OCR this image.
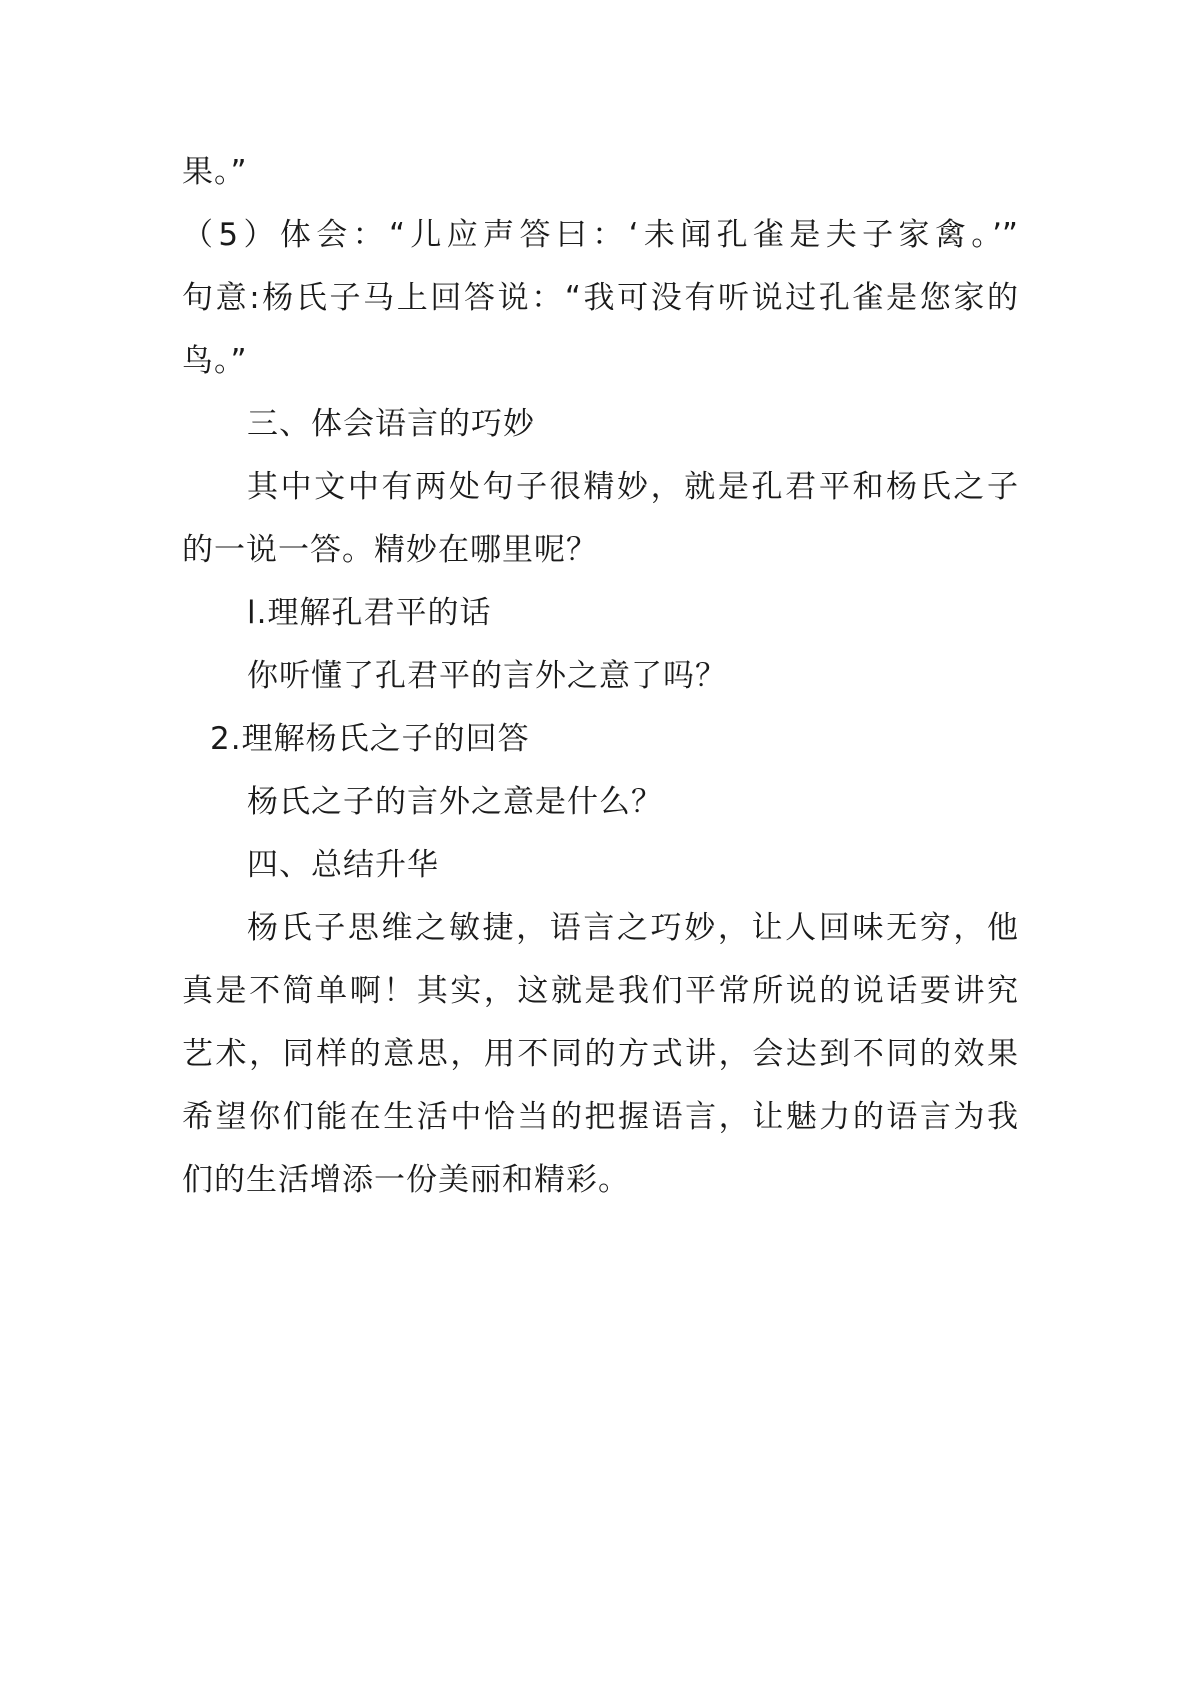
果。”
（5）体会：“儿应声答曰：‘未闻孔雀是夫子家禽。’”
句意:杨氏子马上回答说：“我可没有听说过孔雀是您家的
鸟。”
三、体会语言的巧妙
其中文中有两处句子很精妙，就是孔君平和杨氏之子
的一说一答。精妙在哪里呢？
l.理解孔君平的话
你听懂了孔君平的言外之意了吗？
2.理解杨氏之子的回答
杨氏之子的言外之意是什么？
四、总结升华
杨氏子思维之敏捷，语言之巧妙，让人回味无穷，他
真是不简单啊！其实，这就是我们平常所说的说话要讲究
艺术，同样的意思，用不同的方式讲，会达到不同的效果
希望你们能在生活中恰当的把握语言，让魅力的语言为我
们的生活增添一份美丽和精彩。
